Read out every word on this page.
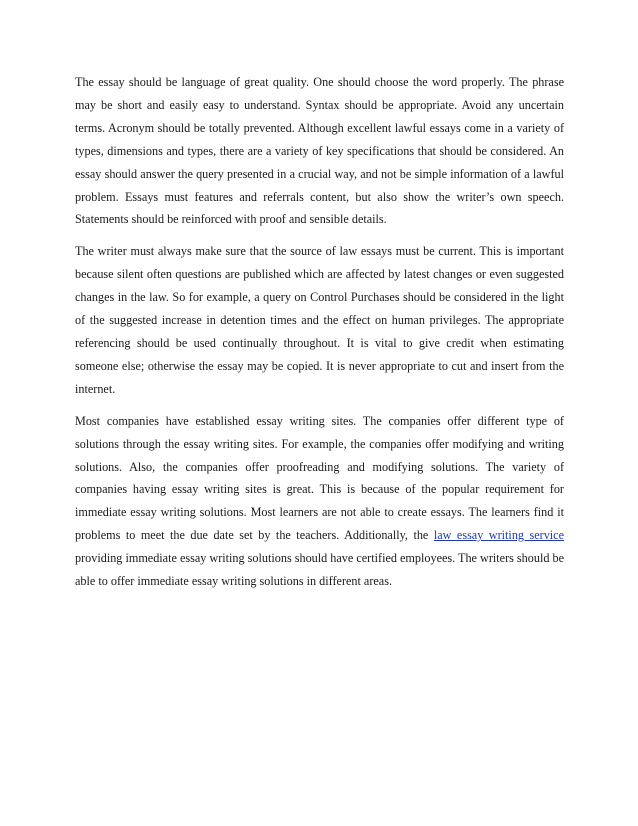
The essay should be language of great quality. One should choose the word properly. The phrase may be short and easily easy to understand. Syntax should be appropriate. Avoid any uncertain terms. Acronym should be totally prevented. Although excellent lawful essays come in a variety of types, dimensions and types, there are a variety of key specifications that should be considered. An essay should answer the query presented in a crucial way, and not be simple information of a lawful problem. Essays must features and referrals content, but also show the writer’s own speech. Statements should be reinforced with proof and sensible details.

The writer must always make sure that the source of law essays must be current. This is important because silent often questions are published which are affected by latest changes or even suggested changes in the law. So for example, a query on Control Purchases should be considered in the light of the suggested increase in detention times and the effect on human privileges. The appropriate referencing should be used continually throughout. It is vital to give credit when estimating someone else; otherwise the essay may be copied. It is never appropriate to cut and insert from the internet.

Most companies have established essay writing sites. The companies offer different type of solutions through the essay writing sites. For example, the companies offer modifying and writing solutions. Also, the companies offer proofreading and modifying solutions. The variety of companies having essay writing sites is great. This is because of the popular requirement for immediate essay writing solutions. Most learners are not able to create essays. The learners find it problems to meet the due date set by the teachers. Additionally, the law essay writing service providing immediate essay writing solutions should have certified employees. The writers should be able to offer immediate essay writing solutions in different areas.
